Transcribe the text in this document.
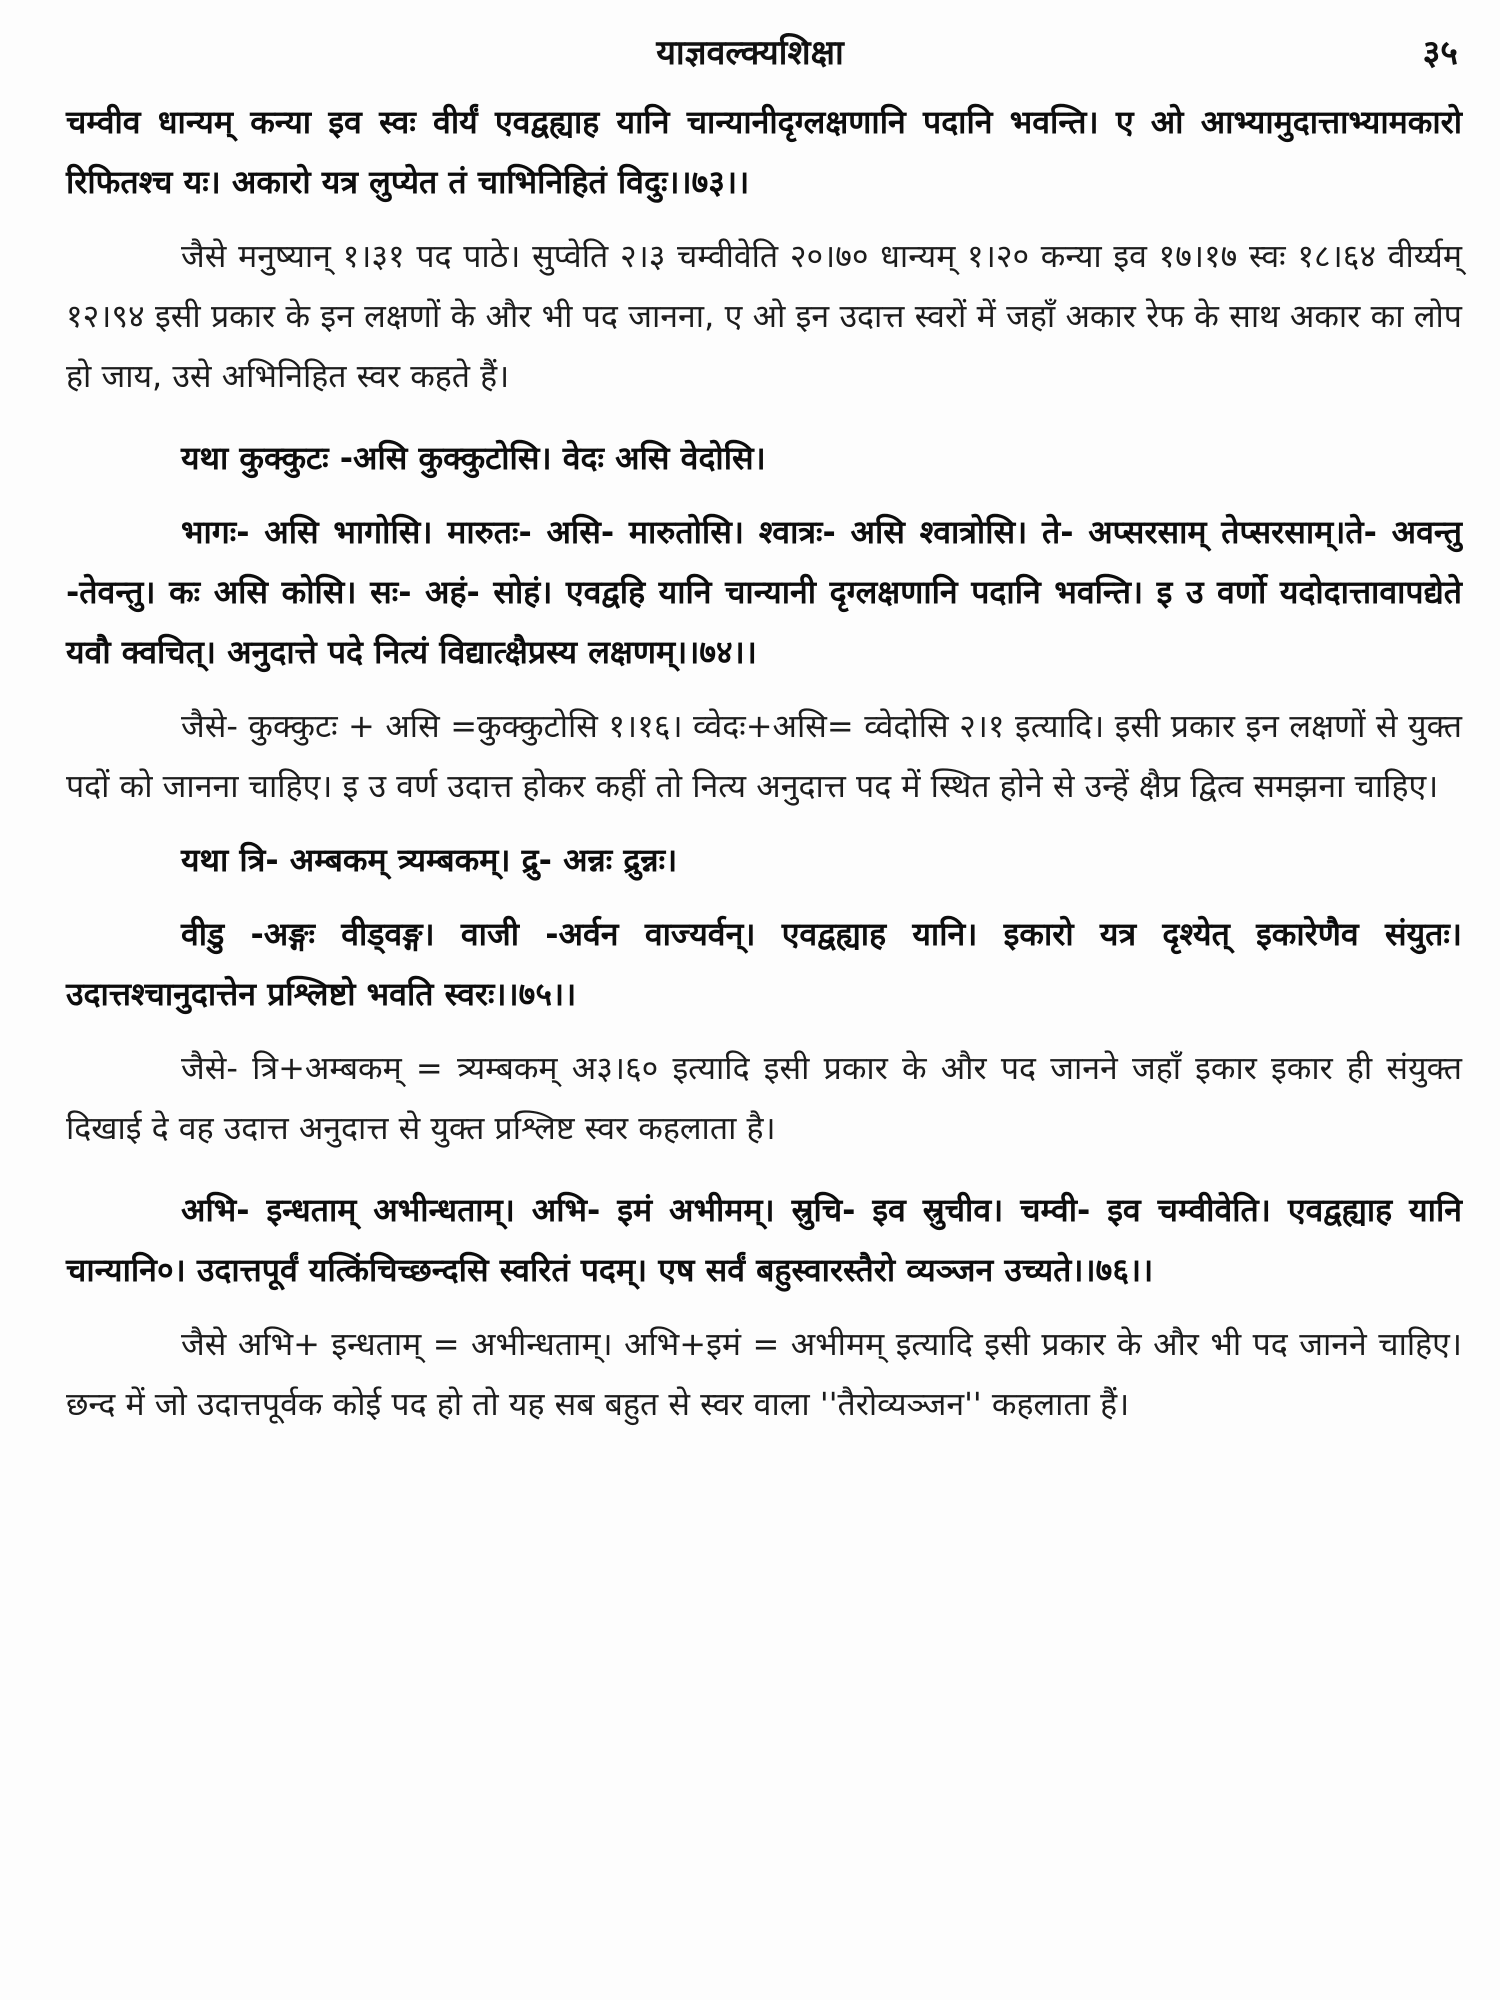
याज्ञवल्क्यशिक्षा	३५

चम्वीव धान्यम् कन्या इव स्वः वीर्यं एवद्वह्याह यानि चान्यानीदृग्लक्षणानि पदानि भवन्ति। ए ओ आभ्यामुदात्ताभ्यामकारो रिफितश्च यः। अकारो यत्र लुप्येत तं चाभिनिहितं विदुः।।७३।।

जैसे मनुष्यान् १।३१ पद पाठे। सुप्वेति २।३ चम्वीवेति २०।७० धान्यम् १।२० कन्या इव १७।१७ स्वः १८।६४ वीर्य्यम् १२।९४ इसी प्रकार के इन लक्षणों के और भी पद जानना, ए ओ इन उदात्त स्वरों में जहाँ अकार रेफ के साथ अकार का लोप हो जाय, उसे अभिनिहित स्वर कहते हैं।

यथा कुक्कुटः -असि कुक्कुटोसि। वेदः असि वेदोसि।

भागः- असि भागोसि। मारुतः- असि- मारुतोसि। श्वात्रः- असि श्वात्रोसि। ते- अप्सरसाम् तेप्सरसाम्।ते- अवन्तु -तेवन्तु। कः असि कोसि। सः- अहं- सोहं। एवद्वहि यानि चान्यानी दृग्लक्षणानि पदानि भवन्ति। इ उ वर्णो यदोदात्तावापद्येते यवौ क्वचित्। अनुदात्ते पदे नित्यं विद्यात्क्षैप्रस्य लक्षणम्।।७४।।

जैसे- कुक्कुटः + असि =कुक्कुटोसि १।१६। व्वेदः+असि= व्वेदोसि २।१ इत्यादि। इसी प्रकार इन लक्षणों से युक्त पदों को जानना चाहिए। इ उ वर्ण उदात्त होकर कहीं तो नित्य अनुदात्त पद में स्थित होने से उन्हें क्षैप्र द्वित्व समझना चाहिए।

यथा त्रि- अम्बकम् त्र्यम्बकम्। द्रु- अन्नः द्रुन्नः।

वीडु -अङ्गः वीड्वङ्ग। वाजी -अर्वन वाज्यर्वन्। एवद्वह्याह यानि। इकारो यत्र दृश्येत् इकारेणैव संयुतः। उदात्तश्चानुदात्तेन प्रश्लिष्टो भवति स्वरः।।७५।।

जैसे- त्रि+अम्बकम् = त्र्यम्बकम् अ३।६० इत्यादि इसी प्रकार के और पद जानने जहाँ इकार इकार ही संयुक्त दिखाई दे वह उदात्त अनुदात्त से युक्त प्रश्लिष्ट स्वर कहलाता है।

अभि- इन्धताम् अभीन्धताम्। अभि- इमं अभीमम्। स्रुचि- इव स्रुचीव। चम्वी- इव चम्वीवेति। एवद्वह्याह यानि चान्यानि०। उदात्तपूर्वं यत्किंचिच्छन्दसि स्वरितं पदम्। एष सर्वं बहुस्वारस्तैरो व्यञ्जन उच्यते।।७६।।

जैसे अभि+ इन्धताम् = अभीन्धताम्। अभि+इमं = अभीमम् इत्यादि इसी प्रकार के और भी पद जानने चाहिए। छन्द में जो उदात्तपूर्वक कोई पद हो तो यह सब बहुत से स्वर वाला ''तैरोव्यञ्जन'' कहलाता हैं।
